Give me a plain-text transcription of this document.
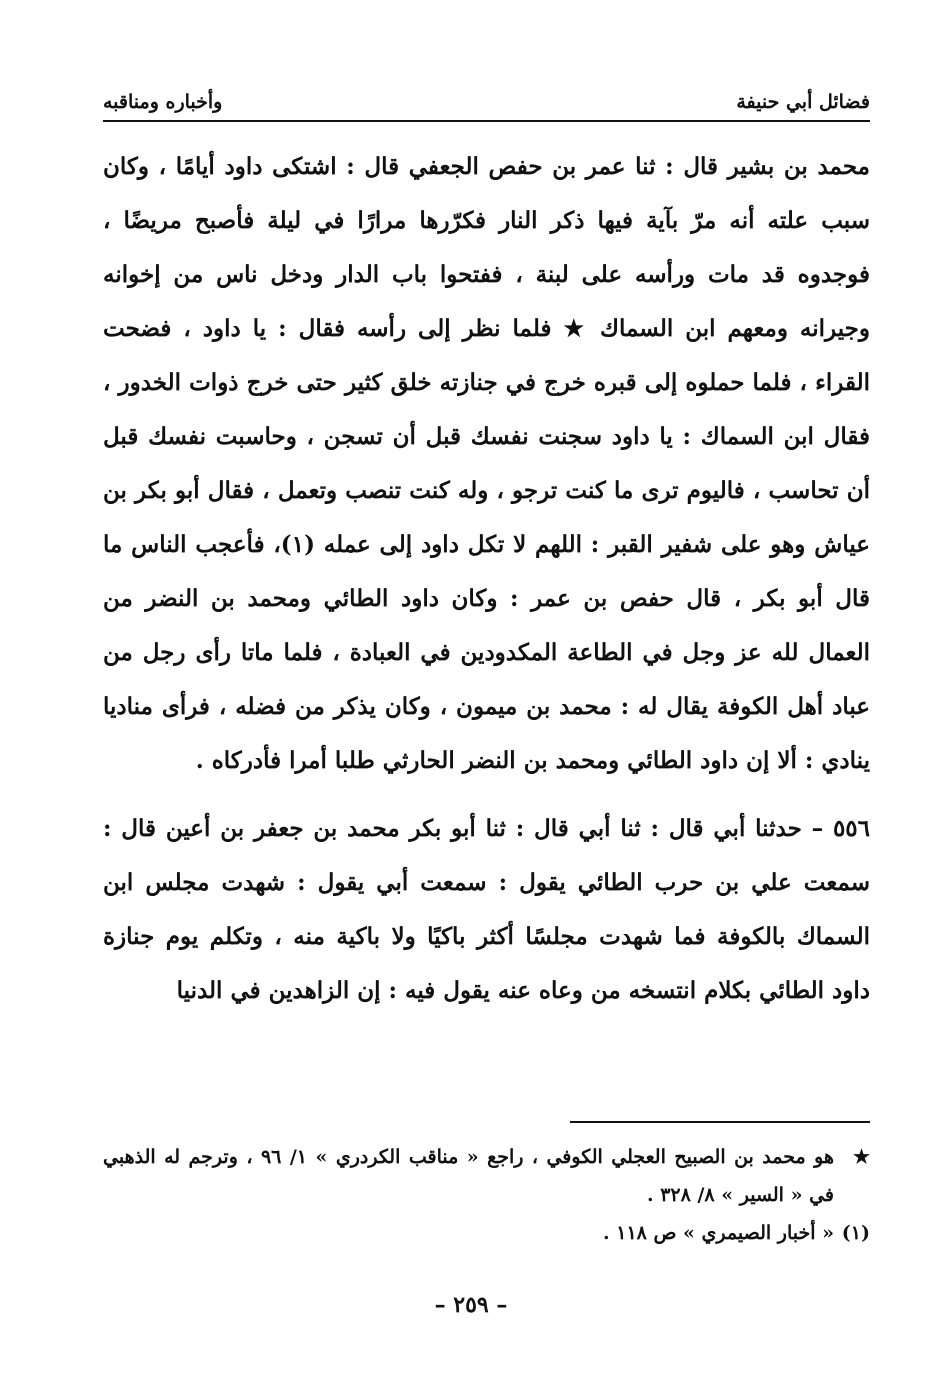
فضائل أبي حنيفة
وأخباره ومناقبه

محمد بن بشير قال : ثنا عمر بن حفص الجعفي قال : اشتكى داود أيامًا ، وكان سبب علته أنه مرّ بآية فيها ذكر النار فكرّرها مرارًا في ليلة فأصبح مريضًا ، فوجدوه قد مات ورأسه على لبنة ، ففتحوا باب الدار ودخل ناس من إخوانه وجيرانه ومعهم ابن السماك ★ فلما نظر إلى رأسه فقال : يا داود ، فضحت القراء ، فلما حملوه إلى قبره خرج في جنازته خلق كثير حتى خرج ذوات الخدور ، فقال ابن السماك : يا داود سجنت نفسك قبل أن تسجن ، وحاسبت نفسك قبل أن تحاسب ، فاليوم ترى ما كنت ترجو ، وله كنت تنصب وتعمل ، فقال أبو بكر بن عياش وهو على شفير القبر : اللهم لا تكل داود إلى عمله (١)، فأعجب الناس ما قال أبو بكر ، قال حفص بن عمر : وكان داود الطائي ومحمد بن النضر من العمال لله عز وجل في الطاعة المكدودين في العبادة ، فلما ماتا رأى رجل من عباد أهل الكوفة يقال له : محمد بن ميمون ، وكان يذكر من فضله ، فرأى مناديا ينادي : ألا إن داود الطائي ومحمد بن النضر الحارثي طلبا أمرا فأدركاه .

٥٥٦ – حدثنا أبي قال : ثنا أبي قال : ثنا أبو بكر محمد بن جعفر بن أعين قال : سمعت علي بن حرب الطائي يقول : سمعت أبي يقول : شهدت مجلس ابن السماك بالكوفة فما شهدت مجلسًا أكثر باكيًا ولا باكية منه ، وتكلم يوم جنازة داود الطائي بكلام انتسخه من وعاه عنه يقول فيه : إن الزاهدين في الدنيا

★
هو محمد بن الصبيح العجلي الكوفي ، راجع « مناقب الكردري » ١/ ٩٦ ، وترجم له الذهبي في « السير » ٨/ ٣٢٨ .
(١)
« أخبار الصيمري » ص ١١٨ .
– ٢٥٩ –
